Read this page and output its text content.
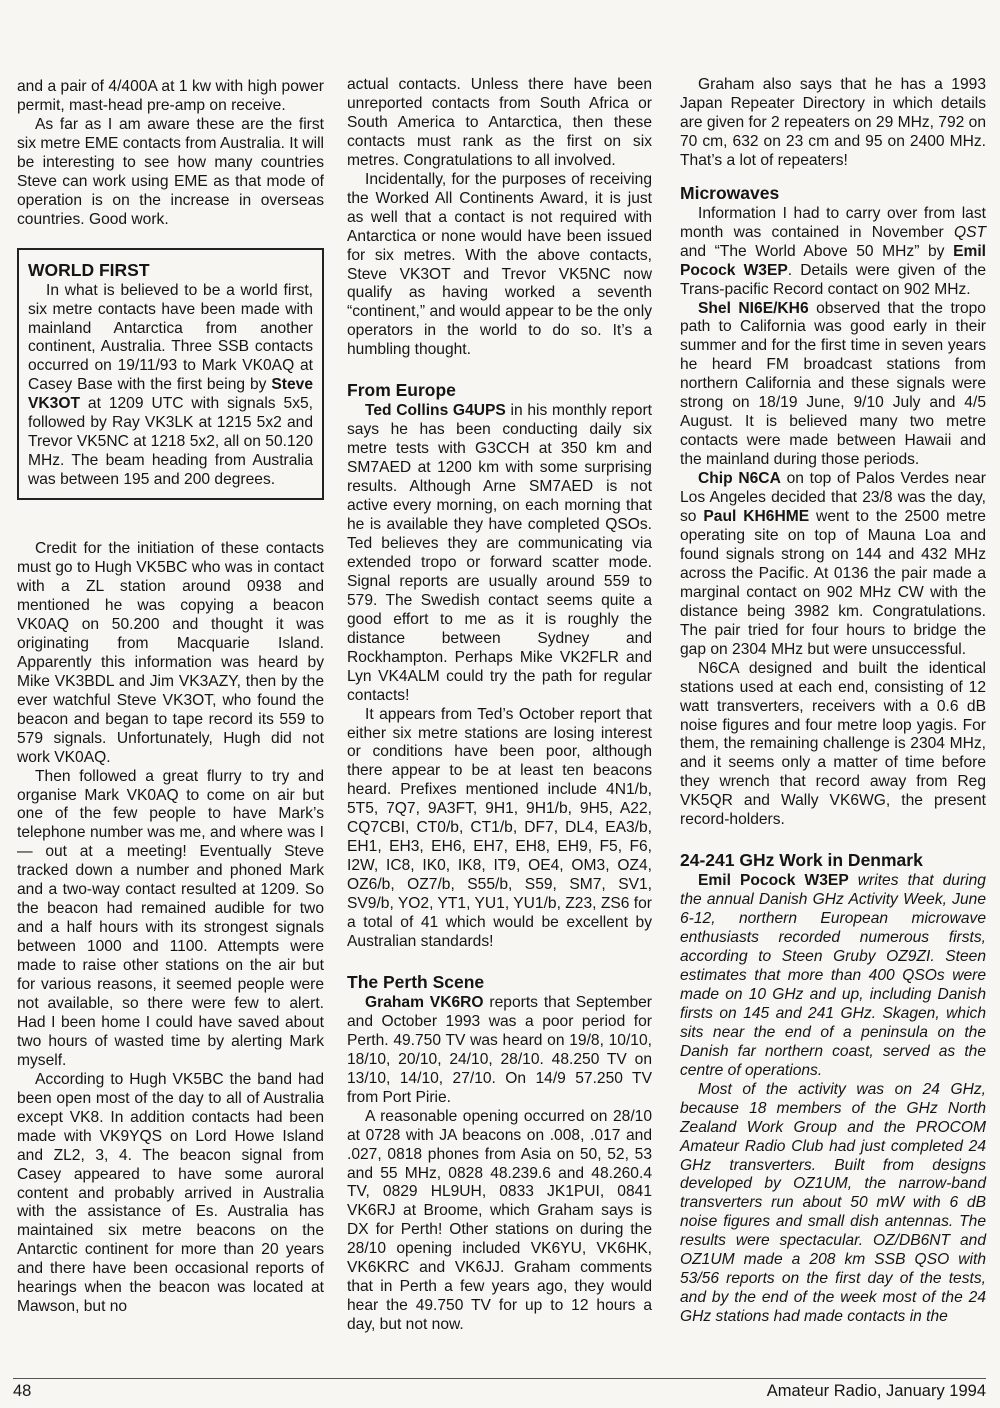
and a pair of 4/400A at 1 kw with high power permit, mast-head pre-amp on receive.

As far as I am aware these are the first six metre EME contacts from Australia. It will be interesting to see how many countries Steve can work using EME as that mode of operation is on the increase in overseas countries. Good work.

WORLD FIRST

In what is believed to be a world first, six metre contacts have been made with mainland Antarctica from another continent, Australia. Three SSB contacts occurred on 19/11/93 to Mark VK0AQ at Casey Base with the first being by Steve VK3OT at 1209 UTC with signals 5x5, followed by Ray VK3LK at 1215 5x2 and Trevor VK5NC at 1218 5x2, all on 50.120 MHz. The beam heading from Australia was between 195 and 200 degrees.

Credit for the initiation of these contacts must go to Hugh VK5BC who was in contact with a ZL station around 0938 and mentioned he was copying a beacon VK0AQ on 50.200 and thought it was originating from Macquarie Island. Apparently this information was heard by Mike VK3BDL and Jim VK3AZY, then by the ever watchful Steve VK3OT, who found the beacon and began to tape record its 559 to 579 signals. Unfortunately, Hugh did not work VK0AQ.

Then followed a great flurry to try and organise Mark VK0AQ to come on air but one of the few people to have Mark’s telephone number was me, and where was I — out at a meeting! Eventually Steve tracked down a number and phoned Mark and a two-way contact resulted at 1209. So the beacon had remained audible for two and a half hours with its strongest signals between 1000 and 1100. Attempts were made to raise other stations on the air but for various reasons, it seemed people were not available, so there were few to alert. Had I been home I could have saved about two hours of wasted time by alerting Mark myself.

According to Hugh VK5BC the band had been open most of the day to all of Australia except VK8. In addition contacts had been made with VK9YQS on Lord Howe Island and ZL2, 3, 4. The beacon signal from Casey appeared to have some auroral content and probably arrived in Australia with the assistance of Es. Australia has maintained six metre beacons on the Antarctic continent for more than 20 years and there have been occasional reports of hearings when the beacon was located at Mawson, but no

actual contacts. Unless there have been unreported contacts from South Africa or South America to Antarctica, then these contacts must rank as the first on six metres. Congratulations to all involved.

Incidentally, for the purposes of receiving the Worked All Continents Award, it is just as well that a contact is not required with Antarctica or none would have been issued for six metres. With the above contacts, Steve VK3OT and Trevor VK5NC now qualify as having worked a seventh “continent,” and would appear to be the only operators in the world to do so. It’s a humbling thought.

From Europe

Ted Collins G4UPS in his monthly report says he has been conducting daily six metre tests with G3CCH at 350 km and SM7AED at 1200 km with some surprising results. Although Arne SM7AED is not active every morning, on each morning that he is available they have completed QSOs. Ted believes they are communicating via extended tropo or forward scatter mode. Signal reports are usually around 559 to 579. The Swedish contact seems quite a good effort to me as it is roughly the distance between Sydney and Rockhampton. Perhaps Mike VK2FLR and Lyn VK4ALM could try the path for regular contacts!

It appears from Ted’s October report that either six metre stations are losing interest or conditions have been poor, although there appear to be at least ten beacons heard. Prefixes mentioned include 4N1/b, 5T5, 7Q7, 9A3FT, 9H1, 9H1/b, 9H5, A22, CQ7CBI, CT0/b, CT1/b, DF7, DL4, EA3/b, EH1, EH3, EH6, EH7, EH8, EH9, F5, F6, I2W, IC8, IK0, IK8, IT9, OE4, OM3, OZ4, OZ6/b, OZ7/b, S55/b, S59, SM7, SV1, SV9/b, YO2, YT1, YU1, YU1/b, Z23, ZS6 for a total of 41 which would be excellent by Australian standards!

The Perth Scene

Graham VK6RO reports that September and October 1993 was a poor period for Perth. 49.750 TV was heard on 19/8, 10/10, 18/10, 20/10, 24/10, 28/10. 48.250 TV on 13/10, 14/10, 27/10. On 14/9 57.250 TV from Port Pirie.

A reasonable opening occurred on 28/10 at 0728 with JA beacons on .008, .017 and .027, 0818 phones from Asia on 50, 52, 53 and 55 MHz, 0828 48.239.6 and 48.260.4 TV, 0829 HL9UH, 0833 JK1PUI, 0841 VK6RJ at Broome, which Graham says is DX for Perth! Other stations on during the 28/10 opening included VK6YU, VK6HK, VK6KRC and VK6JJ. Graham comments that in Perth a few years ago, they would hear the 49.750 TV for up to 12 hours a day, but not now.

Graham also says that he has a 1993 Japan Repeater Directory in which details are given for 2 repeaters on 29 MHz, 792 on 70 cm, 632 on 23 cm and 95 on 2400 MHz. That’s a lot of repeaters!

Microwaves

Information I had to carry over from last month was contained in November QST and “The World Above 50 MHz” by Emil Pocock W3EP. Details were given of the Trans-pacific Record contact on 902 MHz.

Shel NI6E/KH6 observed that the tropo path to California was good early in their summer and for the first time in seven years he heard FM broadcast stations from northern California and these signals were strong on 18/19 June, 9/10 July and 4/5 August. It is believed many two metre contacts were made between Hawaii and the mainland during those periods.

Chip N6CA on top of Palos Verdes near Los Angeles decided that 23/8 was the day, so Paul KH6HME went to the 2500 metre operating site on top of Mauna Loa and found signals strong on 144 and 432 MHz across the Pacific. At 0136 the pair made a marginal contact on 902 MHz CW with the distance being 3982 km. Congratulations. The pair tried for four hours to bridge the gap on 2304 MHz but were unsuccessful.

N6CA designed and built the identical stations used at each end, consisting of 12 watt transverters, receivers with a 0.6 dB noise figures and four metre loop yagis. For them, the remaining challenge is 2304 MHz, and it seems only a matter of time before they wrench that record away from Reg VK5QR and Wally VK6WG, the present record-holders.

24-241 GHz Work in Denmark

Emil Pocock W3EP writes that during the annual Danish GHz Activity Week, June 6-12, northern European microwave enthusiasts recorded numerous firsts, according to Steen Gruby OZ9ZI. Steen estimates that more than 400 QSOs were made on 10 GHz and up, including Danish firsts on 145 and 241 GHz. Skagen, which sits near the end of a peninsula on the Danish far northern coast, served as the centre of operations.

Most of the activity was on 24 GHz, because 18 members of the GHz North Zealand Work Group and the PROCOM Amateur Radio Club had just completed 24 GHz transverters. Built from designs developed by OZ1UM, the narrow-band transverters run about 50 mW with 6 dB noise figures and small dish antennas. The results were spectacular. OZ/DB6NT and OZ1UM made a 208 km SSB QSO with 53/56 reports on the first day of the tests, and by the end of the week most of the 24 GHz stations had made contacts in the

48	Amateur Radio, January 1994
